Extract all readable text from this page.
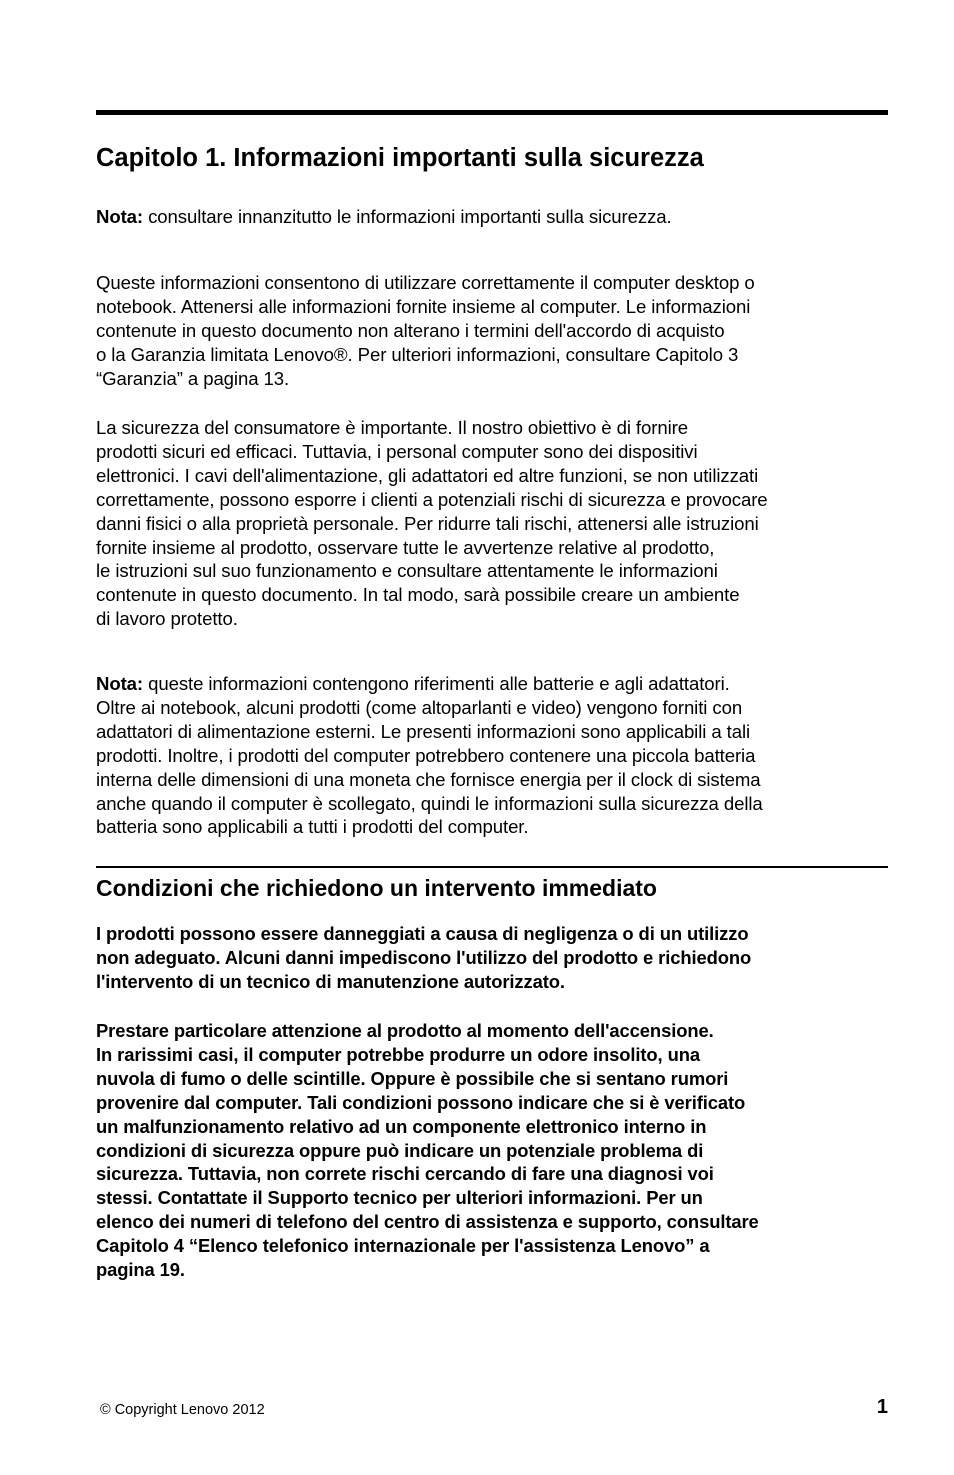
Capitolo 1. Informazioni importanti sulla sicurezza

Nota: consultare innanzitutto le informazioni importanti sulla sicurezza.

Queste informazioni consentono di utilizzare correttamente il computer desktop o
notebook. Attenersi alle informazioni fornite insieme al computer. Le informazioni
contenute in questo documento non alterano i termini dell'accordo di acquisto
o la Garanzia limitata Lenovo®. Per ulteriori informazioni, consultare Capitolo 3
“Garanzia” a pagina 13.

La sicurezza del consumatore è importante. Il nostro obiettivo è di fornire
prodotti sicuri ed efficaci. Tuttavia, i personal computer sono dei dispositivi
elettronici. I cavi dell'alimentazione, gli adattatori ed altre funzioni, se non utilizzati
correttamente, possono esporre i clienti a potenziali rischi di sicurezza e provocare
danni fisici o alla proprietà personale. Per ridurre tali rischi, attenersi alle istruzioni
fornite insieme al prodotto, osservare tutte le avvertenze relative al prodotto,
le istruzioni sul suo funzionamento e consultare attentamente le informazioni
contenute in questo documento. In tal modo, sarà possibile creare un ambiente
di lavoro protetto.

Nota: queste informazioni contengono riferimenti alle batterie e agli adattatori.
Oltre ai notebook, alcuni prodotti (come altoparlanti e video) vengono forniti con
adattatori di alimentazione esterni. Le presenti informazioni sono applicabili a tali
prodotti. Inoltre, i prodotti del computer potrebbero contenere una piccola batteria
interna delle dimensioni di una moneta che fornisce energia per il clock di sistema
anche quando il computer è scollegato, quindi le informazioni sulla sicurezza della
batteria sono applicabili a tutti i prodotti del computer.

Condizioni che richiedono un intervento immediato

I prodotti possono essere danneggiati a causa di negligenza o di un utilizzo
non adeguato. Alcuni danni impediscono l'utilizzo del prodotto e richiedono
l'intervento di un tecnico di manutenzione autorizzato.

Prestare particolare attenzione al prodotto al momento dell'accensione.
In rarissimi casi, il computer potrebbe produrre un odore insolito, una
nuvola di fumo o delle scintille. Oppure è possibile che si sentano rumori
provenire dal computer. Tali condizioni possono indicare che si è verificato
un malfunzionamento relativo ad un componente elettronico interno in
condizioni di sicurezza oppure può indicare un potenziale problema di
sicurezza. Tuttavia, non correte rischi cercando di fare una diagnosi voi
stessi. Contattate il Supporto tecnico per ulteriori informazioni. Per un
elenco dei numeri di telefono del centro di assistenza e supporto, consultare
Capitolo 4 “Elenco telefonico internazionale per l'assistenza Lenovo” a
pagina 19.

© Copyright Lenovo 2012	1
